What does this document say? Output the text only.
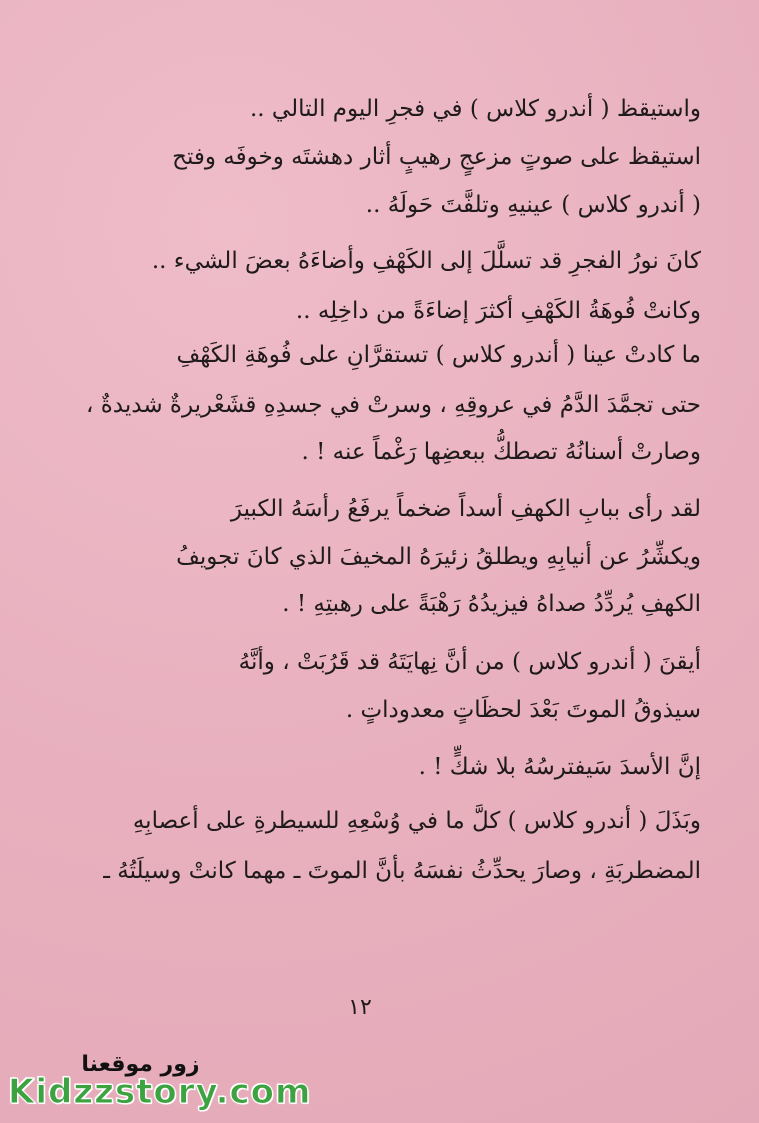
واستيقظ ( أندرو كلاس ) في فجرِ اليوم التالي ..

استيقظ على صوتٍ مزعجٍ رهيبٍ أثار دهشتَه وخوفَه وفتح

( أندرو كلاس ) عينيهِ وتلفَّتَ حَولَهُ ..

كانَ نورُ الفجرِ قد تسلَّلَ إلى الكَهْفِ وأضاءَهُ بعضَ الشيء ..

وكانتْ فُوهَةُ الكَهْفِ أكثرَ إضاءَةً من داخِلِه ..

ما كادتْ عينا ( أندرو كلاس ) تستقرَّانِ على فُوهَةِ الكَهْفِ

حتى تجمَّدَ الدَّمُ في عروقِهِ ، وسرتْ في جسدِهِ قشَعْريرةٌ شديدةٌ ،

وصارتْ أسنانُهُ تصطكُّ ببعضِها رَغْماً عنه ! .

لقد رأى ببابِ الكهفِ أسداً ضخماً يرفَعُ رأسَهُ الكبيرَ

ويكشِّرُ عن أنيابِهِ ويطلقُ زئيرَهُ المخيفَ الذي كانَ تجويفُ

الكهفِ يُردِّدُ صداهُ فيزيدُهُ رَهْبَةً على رهبتِهِ ! .

أيقنَ ( أندرو كلاس ) من أنَّ نِهايَتَهُ قد قَرُبَتْ ، وأنَّهُ

سيذوقُ الموتَ بَعْدَ لحظَاتٍ معدوداتٍ .

إنَّ الأسدَ سَيفترسُهُ بلا شكٍّ ! .

وبَذَلَ ( أندرو كلاس ) كلَّ ما في وُسْعِهِ للسيطرةِ على أعصابِهِ

المضطربَةِ ، وصارَ يحدِّثُ نفسَهُ بأنَّ الموتَ ـ مهما كانتْ وسيلَتُهُ ـ

١٢
زور موقعنا
Kidzzstory.com
